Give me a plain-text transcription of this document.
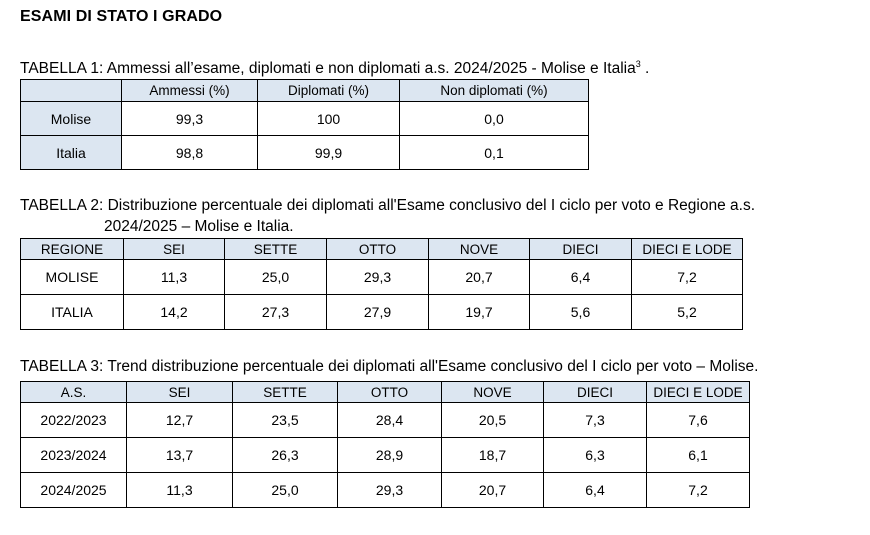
ESAMI DI STATO I GRADO
TABELLA 1: Ammessi all’esame, diplomati e non diplomati a.s. 2024/2025 - Molise e Italia$^3$ .
	Ammessi (%)	Diplomati (%)	Non diplomati (%)
Molise	99,3	100	0,0
Italia	98,8	99,9	0,1
TABELLA 2: Distribuzione percentuale dei diplomati all'Esame conclusivo del I ciclo per voto e Regione a.s.
2024/2025 – Molise e Italia.
REGIONE	SEI	SETTE	OTTO	NOVE	DIECI	DIECI E LODE
MOLISE	11,3	25,0	29,3	20,7	6,4	7,2
ITALIA	14,2	27,3	27,9	19,7	5,6	5,2
TABELLA 3: Trend distribuzione percentuale dei diplomati all'Esame conclusivo del I ciclo per voto – Molise.
A.S.	SEI	SETTE	OTTO	NOVE	DIECI	DIECI E LODE
2022/2023	12,7	23,5	28,4	20,5	7,3	7,6
2023/2024	13,7	26,3	28,9	18,7	6,3	6,1
2024/2025	11,3	25,0	29,3	20,7	6,4	7,2
